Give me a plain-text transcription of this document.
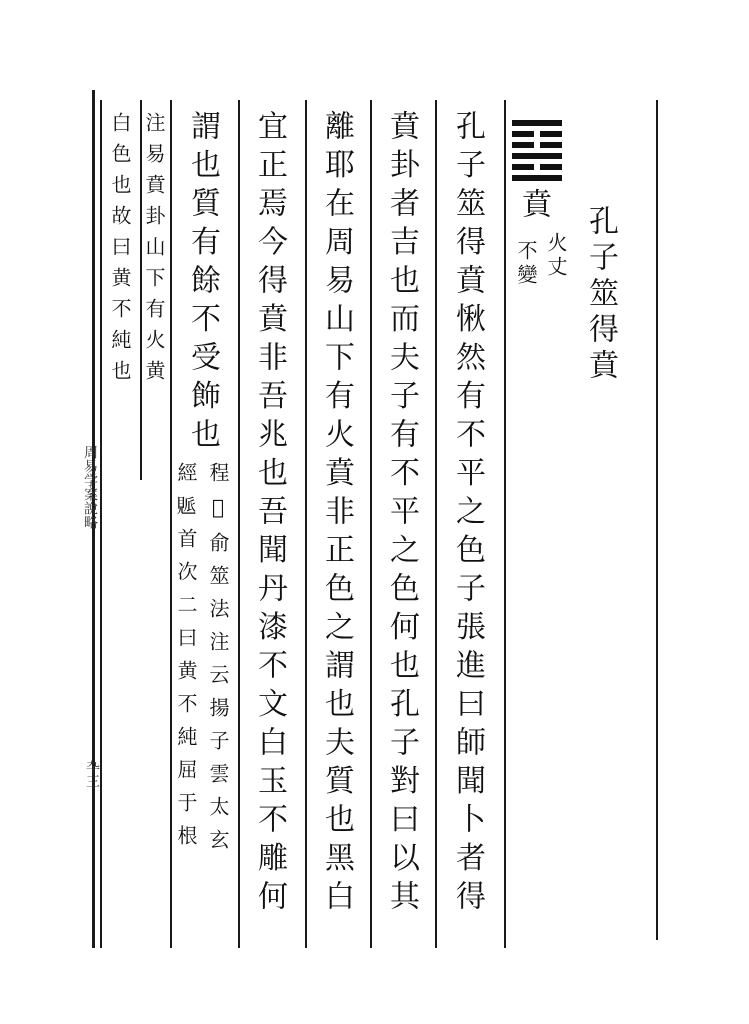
孔子筮得賁
賁
火丈
不變
孔子筮得賁愀然有不平之色子張進曰師聞卜者得
賁卦者吉也而夫子有不平之色何也孔子對曰以其
離耶在周易山下有火賁非正色之謂也夫質也黑白
宜正焉今得賁非吾兆也吾聞丹漆不文白玉不雕何
謂也質有餘不受飾也
程𦚾俞筮法注云揚子雲太玄
經𧡒首次二曰黄不純屈于根
注易賁卦山下有火黄
白色也故曰黄不純也
周易学案說略
卆三
